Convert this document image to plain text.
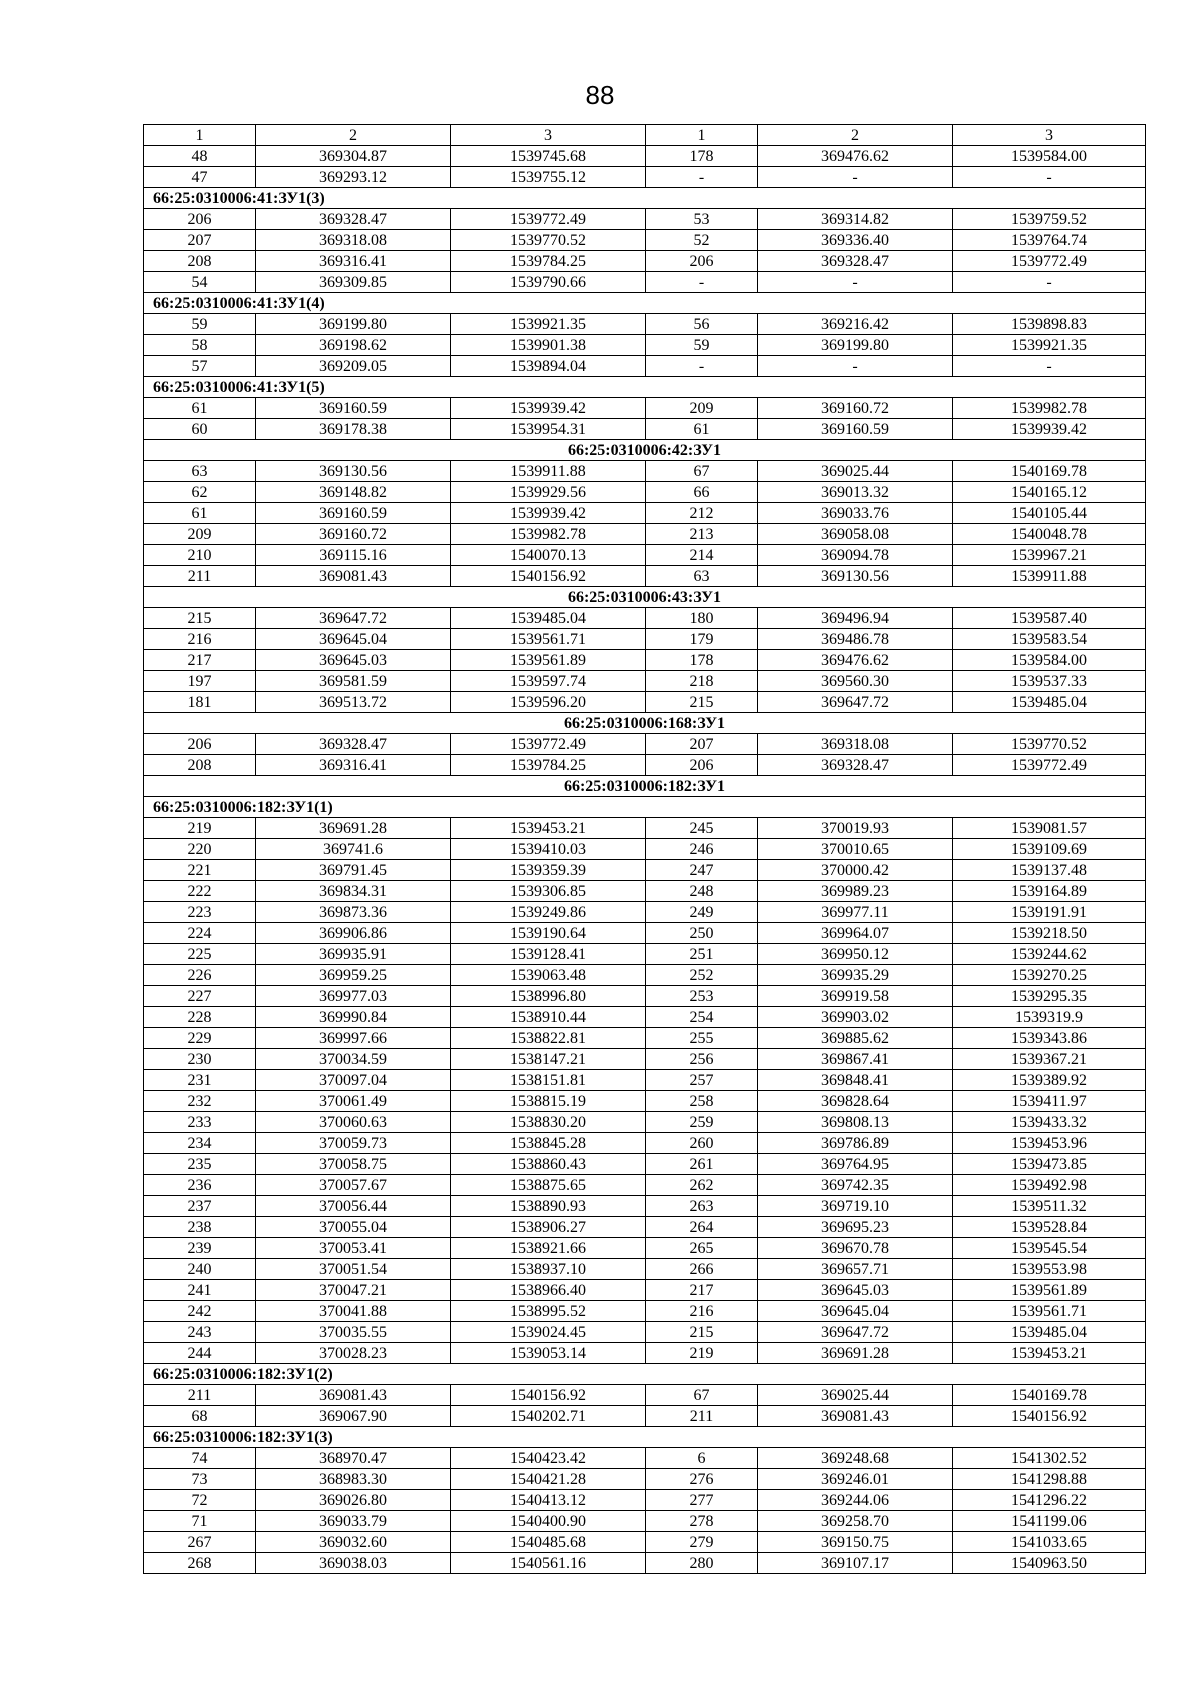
88
1	2	3	1	2	3
48	369304.87	1539745.68	178	369476.62	1539584.00
47	369293.12	1539755.12	-	-	-
66:25:0310006:41:ЗУ1(3)					
206	369328.47	1539772.49	53	369314.82	1539759.52
207	369318.08	1539770.52	52	369336.40	1539764.74
208	369316.41	1539784.25	206	369328.47	1539772.49
54	369309.85	1539790.66	-	-	-
66:25:0310006:41:ЗУ1(4)					
59	369199.80	1539921.35	56	369216.42	1539898.83
58	369198.62	1539901.38	59	369199.80	1539921.35
57	369209.05	1539894.04	-	-	-
66:25:0310006:41:ЗУ1(5)					
61	369160.59	1539939.42	209	369160.72	1539982.78
60	369178.38	1539954.31	61	369160.59	1539939.42
66:25:0310006:42:ЗУ1					
63	369130.56	1539911.88	67	369025.44	1540169.78
62	369148.82	1539929.56	66	369013.32	1540165.12
61	369160.59	1539939.42	212	369033.76	1540105.44
209	369160.72	1539982.78	213	369058.08	1540048.78
210	369115.16	1540070.13	214	369094.78	1539967.21
211	369081.43	1540156.92	63	369130.56	1539911.88
66:25:0310006:43:ЗУ1					
215	369647.72	1539485.04	180	369496.94	1539587.40
216	369645.04	1539561.71	179	369486.78	1539583.54
217	369645.03	1539561.89	178	369476.62	1539584.00
197	369581.59	1539597.74	218	369560.30	1539537.33
181	369513.72	1539596.20	215	369647.72	1539485.04
66:25:0310006:168:ЗУ1					
206	369328.47	1539772.49	207	369318.08	1539770.52
208	369316.41	1539784.25	206	369328.47	1539772.49
66:25:0310006:182:ЗУ1					
66:25:0310006:182:ЗУ1(1)					
219	369691.28	1539453.21	245	370019.93	1539081.57
220	369741.6	1539410.03	246	370010.65	1539109.69
221	369791.45	1539359.39	247	370000.42	1539137.48
222	369834.31	1539306.85	248	369989.23	1539164.89
223	369873.36	1539249.86	249	369977.11	1539191.91
224	369906.86	1539190.64	250	369964.07	1539218.50
225	369935.91	1539128.41	251	369950.12	1539244.62
226	369959.25	1539063.48	252	369935.29	1539270.25
227	369977.03	1538996.80	253	369919.58	1539295.35
228	369990.84	1538910.44	254	369903.02	1539319.9
229	369997.66	1538822.81	255	369885.62	1539343.86
230	370034.59	1538147.21	256	369867.41	1539367.21
231	370097.04	1538151.81	257	369848.41	1539389.92
232	370061.49	1538815.19	258	369828.64	1539411.97
233	370060.63	1538830.20	259	369808.13	1539433.32
234	370059.73	1538845.28	260	369786.89	1539453.96
235	370058.75	1538860.43	261	369764.95	1539473.85
236	370057.67	1538875.65	262	369742.35	1539492.98
237	370056.44	1538890.93	263	369719.10	1539511.32
238	370055.04	1538906.27	264	369695.23	1539528.84
239	370053.41	1538921.66	265	369670.78	1539545.54
240	370051.54	1538937.10	266	369657.71	1539553.98
241	370047.21	1538966.40	217	369645.03	1539561.89
242	370041.88	1538995.52	216	369645.04	1539561.71
243	370035.55	1539024.45	215	369647.72	1539485.04
244	370028.23	1539053.14	219	369691.28	1539453.21
66:25:0310006:182:ЗУ1(2)					
211	369081.43	1540156.92	67	369025.44	1540169.78
68	369067.90	1540202.71	211	369081.43	1540156.92
66:25:0310006:182:ЗУ1(3)					
74	368970.47	1540423.42	6	369248.68	1541302.52
73	368983.30	1540421.28	276	369246.01	1541298.88
72	369026.80	1540413.12	277	369244.06	1541296.22
71	369033.79	1540400.90	278	369258.70	1541199.06
267	369032.60	1540485.68	279	369150.75	1541033.65
268	369038.03	1540561.16	280	369107.17	1540963.50
